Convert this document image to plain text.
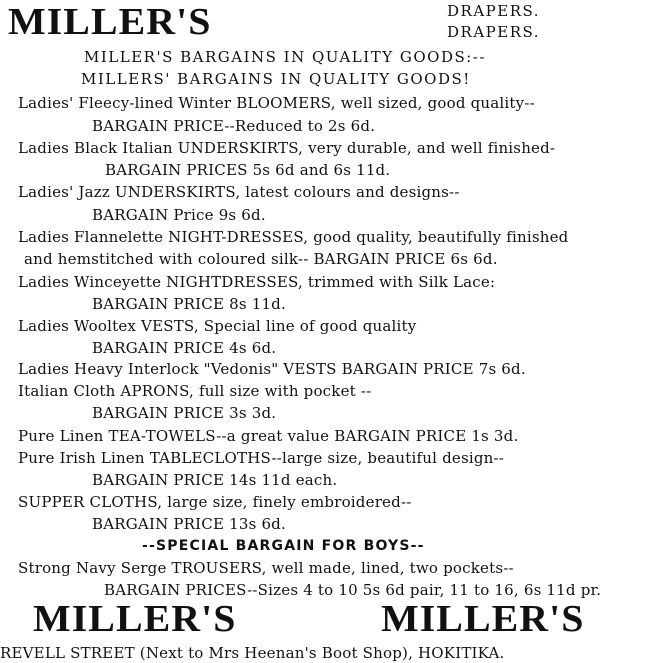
MILLER'S	DRAPERS.
DRAPERS.
MILLER'S BARGAINS IN QUALITY GOODS:--
MILLERS' BARGAINS IN QUALITY GOODS!
Ladies' Fleecy-lined Winter BLOOMERS, well sized, good quality--
BARGAIN PRICE--Reduced to 2s 6d.
Ladies Black Italian UNDERSKIRTS, very durable, and well finished-
BARGAIN PRICES 5s 6d and 6s 11d.
Ladies' Jazz UNDERSKIRTS, latest colours and designs--
BARGAIN Price 9s 6d.
Ladies Flannelette NIGHT-DRESSES, good quality, beautifully finished
and hemstitched with coloured silk-- BARGAIN PRICE 6s 6d.
Ladies Winceyette NIGHTDRESSES, trimmed with Silk Lace:
BARGAIN PRICE 8s 11d.
Ladies Wooltex VESTS, Special line of good quality
BARGAIN PRICE 4s 6d.
Ladies Heavy Interlock "Vedonis" VESTS BARGAIN PRICE 7s 6d.
Italian Cloth APRONS, full size with pocket --
BARGAIN PRICE 3s 3d.
Pure Linen TEA-TOWELS--a great value BARGAIN PRICE 1s 3d.
Pure Irish Linen TABLECLOTHS--large size, beautiful design--
BARGAIN PRICE 14s 11d each.
SUPPER CLOTHS, large size, finely embroidered--
BARGAIN PRICE 13s 6d.
--SPECIAL BARGAIN FOR BOYS--
Strong Navy Serge TROUSERS, well made, lined, two pockets--
BARGAIN PRICES--Sizes 4 to 10 5s 6d pair, 11 to 16, 6s 11d pr.
MILLER'S	MILLER'S
REVELL STREET (Next to Mrs Heenan's Boot Shop), HOKITIKA.
